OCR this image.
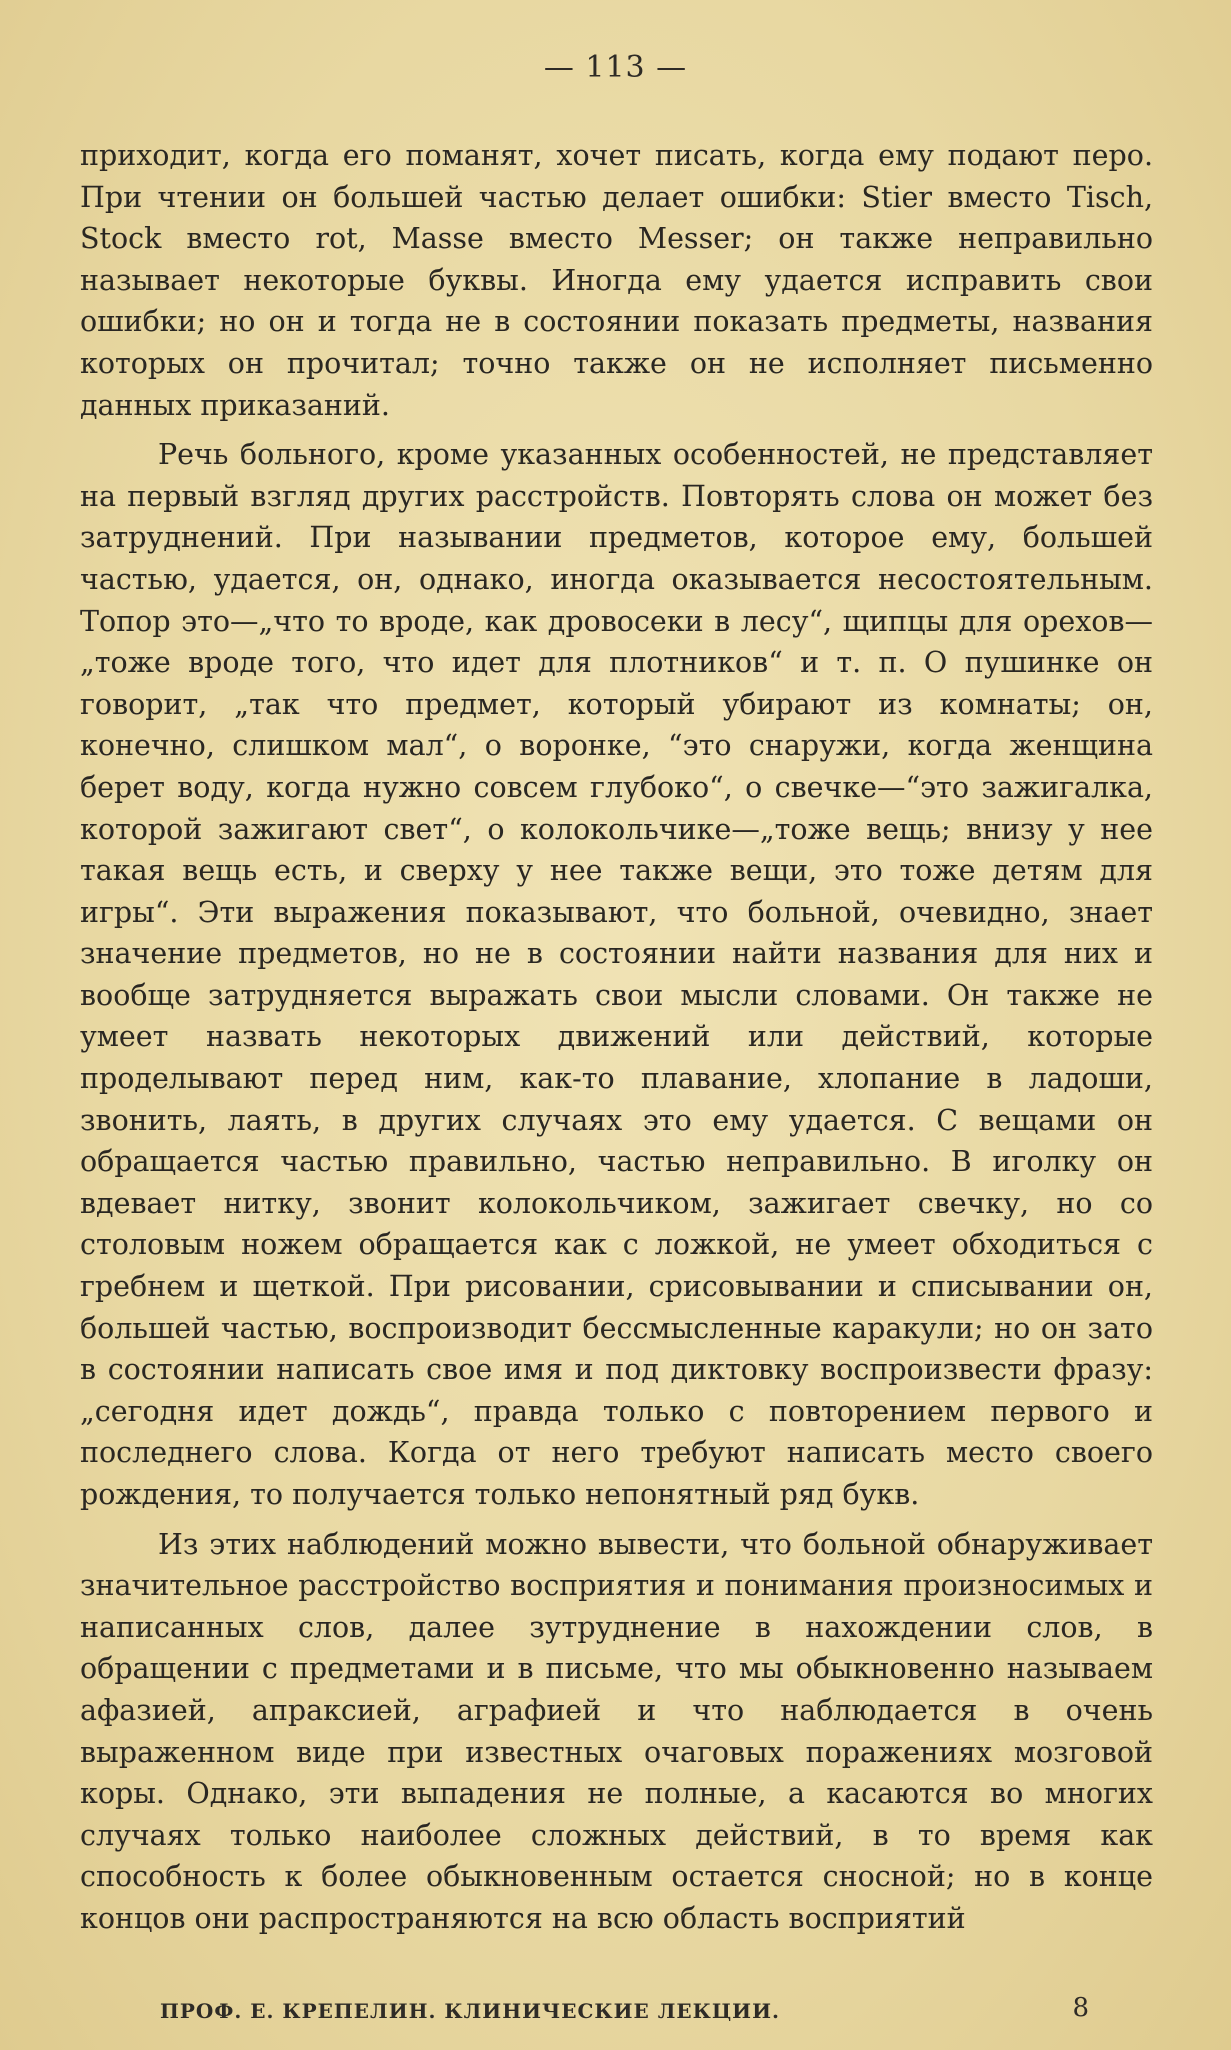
— 113 —

приходит, когда его поманят, хочет писать, когда ему подают перо. При чтении он большей частью делает ошибки: Stier вместо Tisch, Stock вместо rot, Masse вместо Messer; он также неправильно называет некоторые буквы. Иногда ему удается исправить свои ошибки; но он и тогда не в состоянии показать предметы, названия которых он прочитал; точно также он не исполняет письменно данных приказаний.

Речь больного, кроме указанных особенностей, не представляет на первый взгляд других расстройств. Повторять слова он может без затруднений. При назывании предметов, которое ему, большей частью, удается, он, однако, иногда оказывается несостоятельным. Топор это—„что то вроде, как дровосеки в лесу“, щипцы для орехов—„тоже вроде того, что идет для плотников“ и т. п. О пушинке он говорит, „так что предмет, который убирают из комнаты; он, конечно, слишком мал“, о воронке, “это снаружи, когда женщина берет воду, когда нужно совсем глубоко“, о свечке—“это зажигалка, которой зажигают свет“, о колокольчике—„тоже вещь; внизу у нее такая вещь есть, и сверху у нее также вещи, это тоже детям для игры“. Эти выражения показывают, что больной, очевидно, знает значение предметов, но не в состоянии найти названия для них и вообще затрудняется выражать свои мысли словами. Он также не умеет назвать некоторых движений или действий, которые проделывают перед ним, как-то плавание, хлопание в ладоши, звонить, лаять, в других случаях это ему удается. С вещами он обращается частью правильно, частью неправильно. В иголку он вдевает нитку, звонит колокольчиком, зажигает свечку, но со столовым ножем обращается как с ложкой, не умеет обходиться с гребнем и щеткой. При рисовании, срисовывании и списывании он, большей частью, воспроизводит бессмысленные каракули; но он зато в состоянии написать свое имя и под диктовку воспроизвести фразу: „сегодня идет дождь“, правда только с повторением первого и последнего слова. Когда от него требуют написать место своего рождения, то получается только непонятный ряд букв.

Из этих наблюдений можно вывести, что больной обнаруживает значительное расстройство восприятия и понимания произносимых и написанных слов, далее зутруднение в нахождении слов, в обращении с предметами и в письме, что мы обыкновенно называем афазией, апраксией, аграфией и что наблюдается в очень выраженном виде при известных очаговых поражениях мозговой коры. Однако, эти выпадения не полные, а касаются во многих случаях только наиболее сложных действий, в то время как способность к более обыкновенным остается сносной; но в конце концов они распространяются на всю область восприятий

ПРОФ. Е. КРЕПЕЛИН. КЛИНИЧЕСКИЕ ЛЕКЦИИ.	8
